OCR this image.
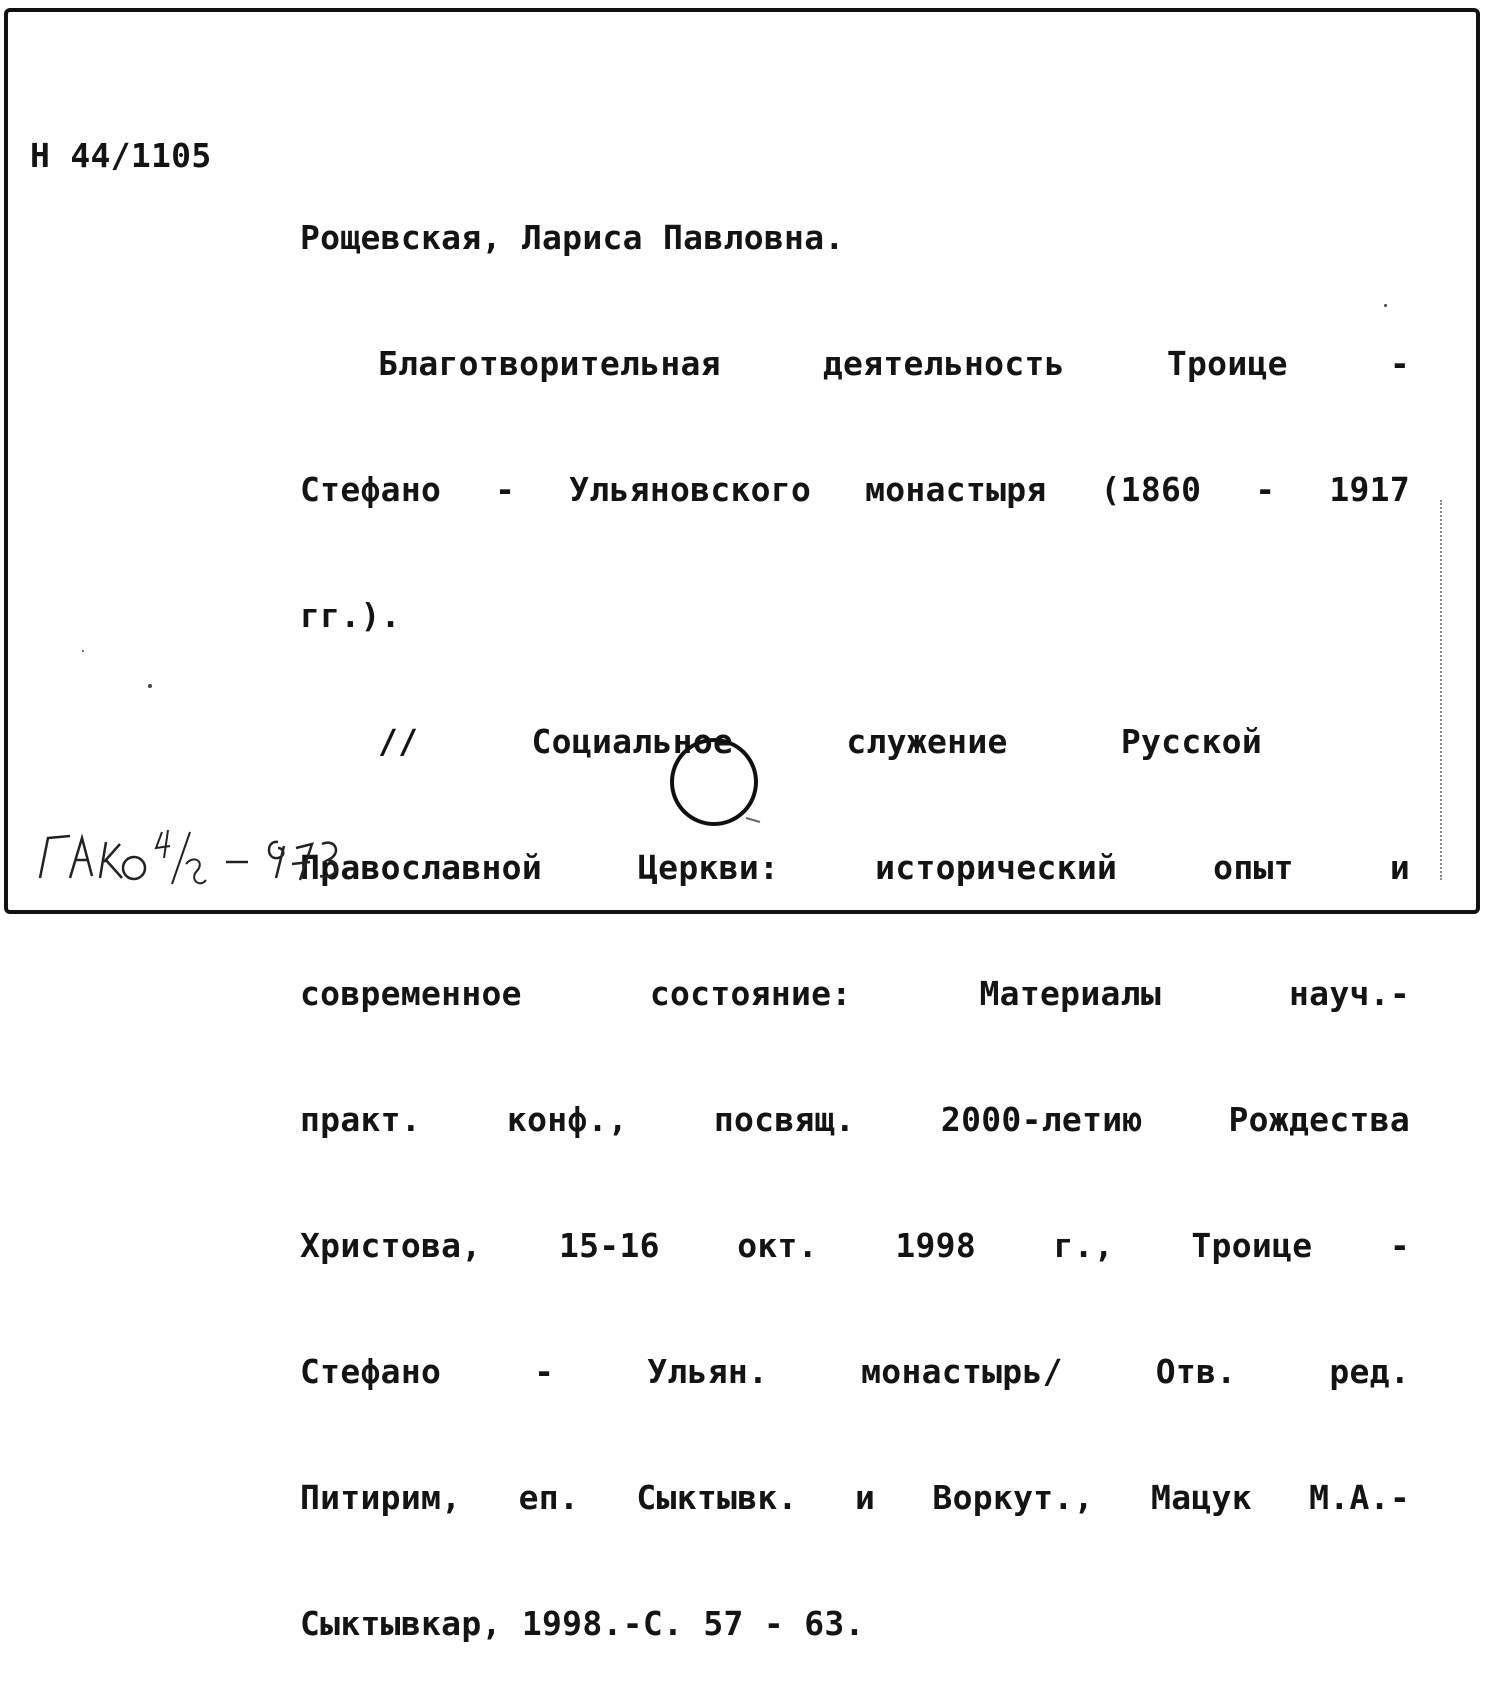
Н 44/1105

Рощевская, Лариса Павловна.

Благотворительная деятельность Троице -

Стефано - Ульяновского монастыря (1860 - 1917

гг.).

// Социальное служение Русской

Православной Церкви: исторический опыт и

современное состояние: Материалы науч.-

практ. конф., посвящ. 2000-летию Рождества

Христова, 15-16 окт. 1998 г., Троице -

Стефано - Ульян. монастырь/ Отв. ред.

Питирим, еп. Сыктывк. и Воркут., Мацук М.А.-

Сыктывкар, 1998.-С. 57 - 63.
